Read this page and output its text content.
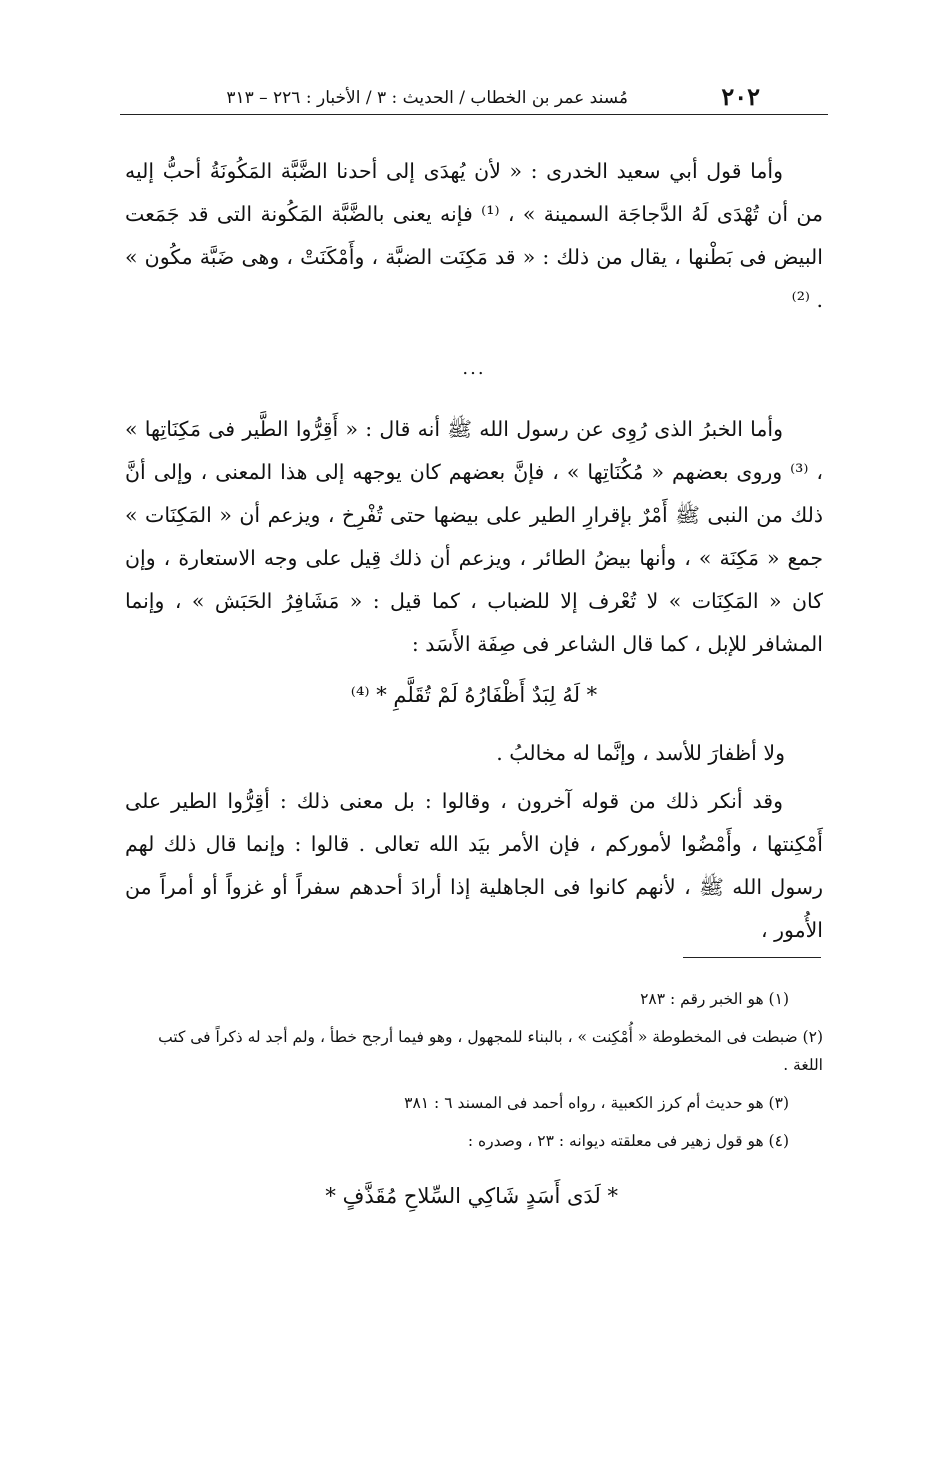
٢٠٢
مُسند عمر بن الخطاب / الحديث : ٣ / الأخبار : ٢٢٦ – ٣١٣

وأما قول أبي سعيد الخدرى : « لأن يُهدَى إلى أحدنا الضَّبَّة المَكُونَةُ أحبُّ إليه من أن تُهْدَى لَهُ الدَّجاجَة السمينة » ، ⁽¹⁾ فإنه يعنى بالضَّبَّة المَكُونة التى قد جَمَعت البيض فى بَطْنها ، يقال من ذلك : « قد مَكِنَت الضبَّة ، وأَمْكَنَتْ ، وهى ضَبَّة مكُون » . ⁽²⁾

...

وأما الخبرُ الذى رُوِى عن رسول الله ﷺ أنه قال : « أَقِرُّوا الطَّير فى مَكِنَاتِها » ، ⁽³⁾ وروى بعضهم « مُكُنَاتِها » ، فإنَّ بعضهم كان يوجهه إلى هذا المعنى ، وإلى أنَّ ذلك من النبى ﷺ أَمْرٌ بإقرارِ الطير على بيضها حتى تُفْرِخ ، ويزعم أن « المَكِنَات » جمع « مَكِنَة » ، وأنها بيضُ الطائر ، ويزعم أن ذلك قِيل على وجه الاستعارة ، وإن كان « المَكِنَات » لا تُعْرف إلا للضباب ، كما قيل : « مَشَافِرُ الحَبَش » ، وإنما المشافر للإبل ، كما قال الشاعر فى صِفَة الأَسَد :

* لَهُ لِبَدٌ أَظْفَارُهُ لَمْ تُقَلَّمِ * ⁽⁴⁾
ولا أظفارَ للأسد ، وإنَّما له مخالبُ .

وقد أنكر ذلك من قوله آخرون ، وقالوا : بل معنى ذلك : أقِرُّوا الطير على أَمْكِنتها ، وأَمْضُوا لأموركم ، فإن الأمر بيَد الله تعالى . قالوا : وإنما قال ذلك لهم رسول الله ﷺ ، لأنهم كانوا فى الجاهلية إذا أرادَ أحدهم سفراً أو غزواً أو أمراً من الأُمور ،

(١) هو الخبر رقم : ٢٨٣

(٢) ضبطت فى المخطوطة « أُمْكِنت » ، بالبناء للمجهول ، وهو فيما أرجح خطأ ، ولم أجد له ذكراً فى كتب اللغة .

(٣) هو حديث أم كرز الكعبية ، رواه أحمد فى المسند ٦ : ٣٨١

(٤) هو قول زهير فى معلقته ديوانه : ٢٣ ، وصدره :

* لَدَى أَسَدٍ شَاكِي السِّلاحِ مُقَذَّفٍ *
